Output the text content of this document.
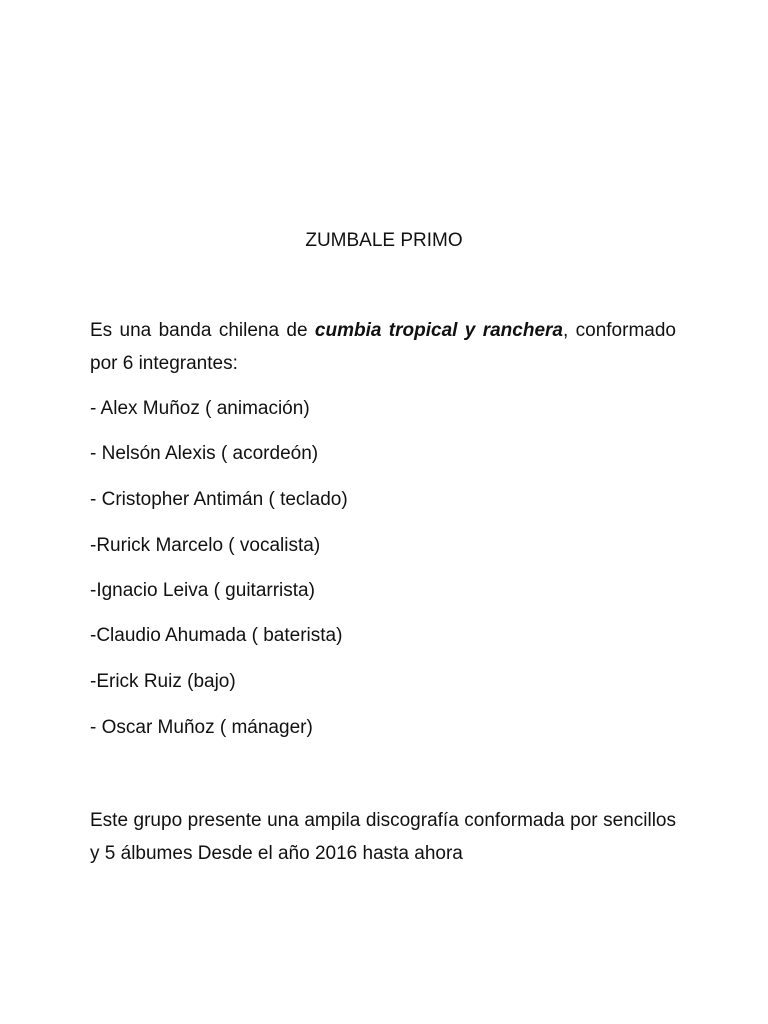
ZUMBALE PRIMO

Es una banda chilena de cumbia tropical y ranchera, conformado por 6 integrantes:

- Alex Muñoz ( animación)
- Nelsón Alexis ( acordeón)
- Cristopher Antimán ( teclado)
-Rurick Marcelo ( vocalista)
-Ignacio Leiva ( guitarrista)
-Claudio Ahumada ( baterista)
-Erick Ruiz (bajo)
- Oscar Muñoz ( mánager)

Este grupo presente una ampila discografía conformada por sencillos y 5 álbumes Desde el año 2016 hasta ahora
